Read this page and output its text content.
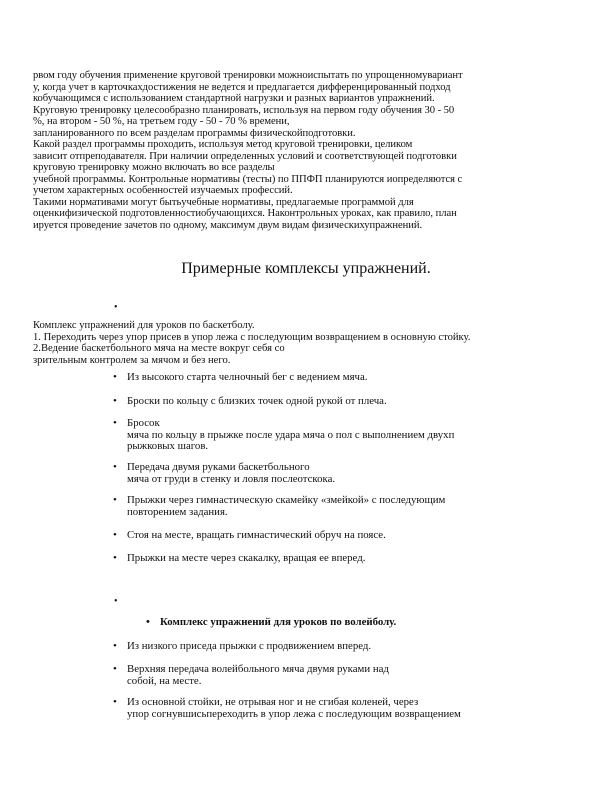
рвом году обучения применение круговой тренировки можноиспытать по упрощенномувариант
у, когда учет в карточкахдостижения не ведется и предлагается дифференцированный подход
кобучающимся с использованием стандартной нагрузки и разных вариантов упражнений.
Круговую тренировку целесообразно планировать, используя на первом году обучения 30 - 50
%, на втором - 50 %, на третьем году - 50 - 70 % времени,
запланированного по всем разделам программы физическойподготовки.
Какой раздел программы проходить, используя метод круговой тренировки, целиком
зависит отпреподавателя. При наличии определенных условий и соответствующей подготовки
круговую тренировку можно включать во все разделы
учебной программы. Контрольные нормативы (тесты) по ППФП планируются иопределяются с
учетом характерных особенностей изучаемых профессий.
Такими нормативами могут бытьучебные нормативы, предлагаемые программой для
оценкифизической подготовленностиобучающихся. Наконтрольных уроках, как правило, план
ируется проведение зачетов по одному, максимум двум видам физическихупражнений.
Примерные комплексы упражнений.
•
Комплекс упражнений для уроков по баскетболу.
1. Переходить через упор присев в упор лежа с последующим возвращением в основную стойку.
2.Ведение баскетбольного мяча на месте вокруг себя со
зрительным контролем за мячом и без него.
• Из высокого старта челночный бег с ведением мяча.
• Броски по кольцу с близких точек одной рукой от плеча.
• Бросок
мяча по кольцу в прыжке после удара мяча о пол с выполнением двухп
рыжковых шагов.
• Передача двумя руками баскетбольного
мяча от груди в стенку и ловля послеотскока.
• Прыжки через гимнастическую скамейку «змейкой» с последующим
повторением задания.
• Стоя на месте, вращать гимнастический обруч на поясе.
• Прыжки на месте через скакалку, вращая ее вперед.
•
• Комплекс упражнений для уроков по волейболу.
• Из низкого приседа прыжки с продвижением вперед.
• Верхняя передача волейбольного мяча двумя руками над
собой, на месте.
• Из основной стойки, не отрывая ног и не сгибая коленей, через
упор согнувшисьпереходить в упор лежа с последующим возвращением
